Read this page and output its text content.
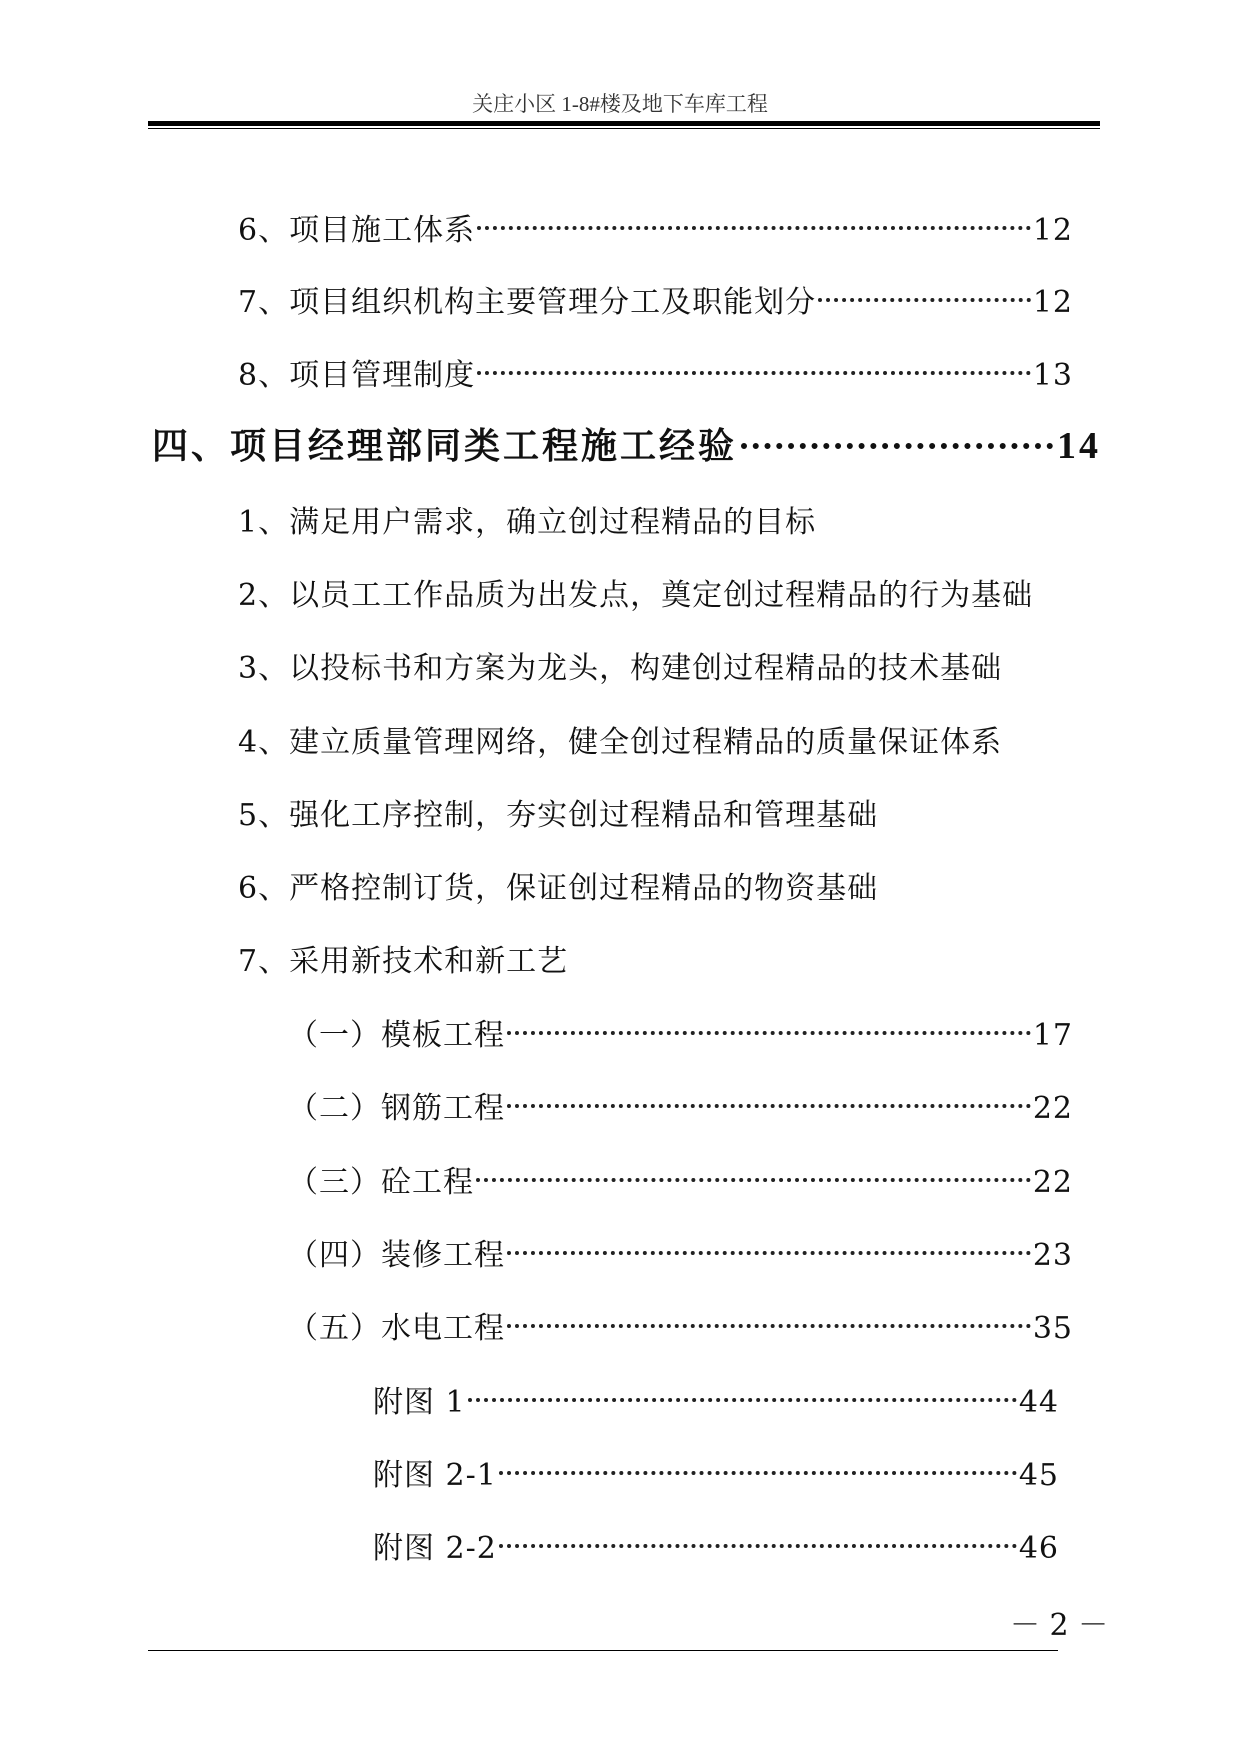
关庄小区 1-8#楼及地下车库工程
6、项目施工体系	12
7、项目组织机构主要管理分工及职能划分	12
8、项目管理制度	13
四、项目经理部同类工程施工经验	14
1、满足用户需求，确立创过程精品的目标
2、以员工工作品质为出发点，奠定创过程精品的行为基础
3、以投标书和方案为龙头，构建创过程精品的技术基础
4、建立质量管理网络，健全创过程精品的质量保证体系
5、强化工序控制，夯实创过程精品和管理基础
6、严格控制订货，保证创过程精品的物资基础
7、采用新技术和新工艺
（一）模板工程	17
（二）钢筋工程	22
（三）砼工程	22
（四）装修工程	23
（五）水电工程	35
附图 1	44
附图 2-1	45
附图 2-2	46
－ 2 －
